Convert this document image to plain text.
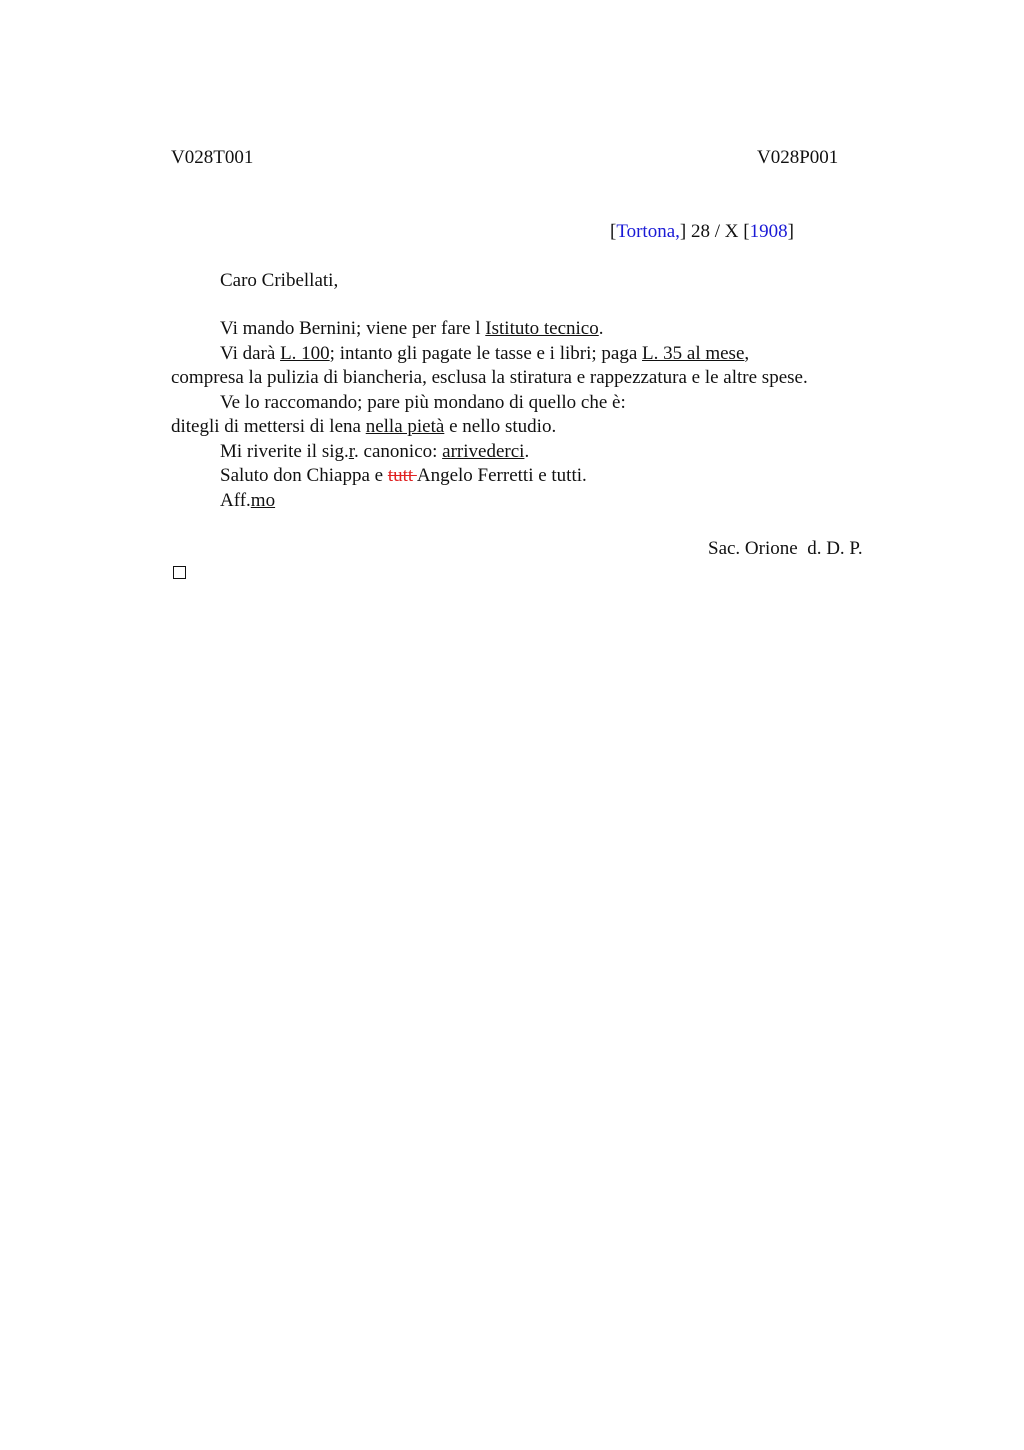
V028T001	V028P001
[Tortona,] 28 / X [1908]
Caro Cribellati,
Vi mando Bernini; viene per fare l Istituto tecnico.
Vi darà L. 100; intanto gli pagate le tasse e i libri; paga L. 35 al mese,
compresa la pulizia di biancheria, esclusa la stiratura e rappezzatura e le altre spese.
Ve lo raccomando; pare più mondano di quello che è:
ditegli di mettersi di lena nella pietà e nello studio.
Mi riverite il sig.r. canonico: arrivederci.
Saluto don Chiappa e tutt Angelo Ferretti e tutti.
Aff.mo
Sac. Orione  d. D. P.
